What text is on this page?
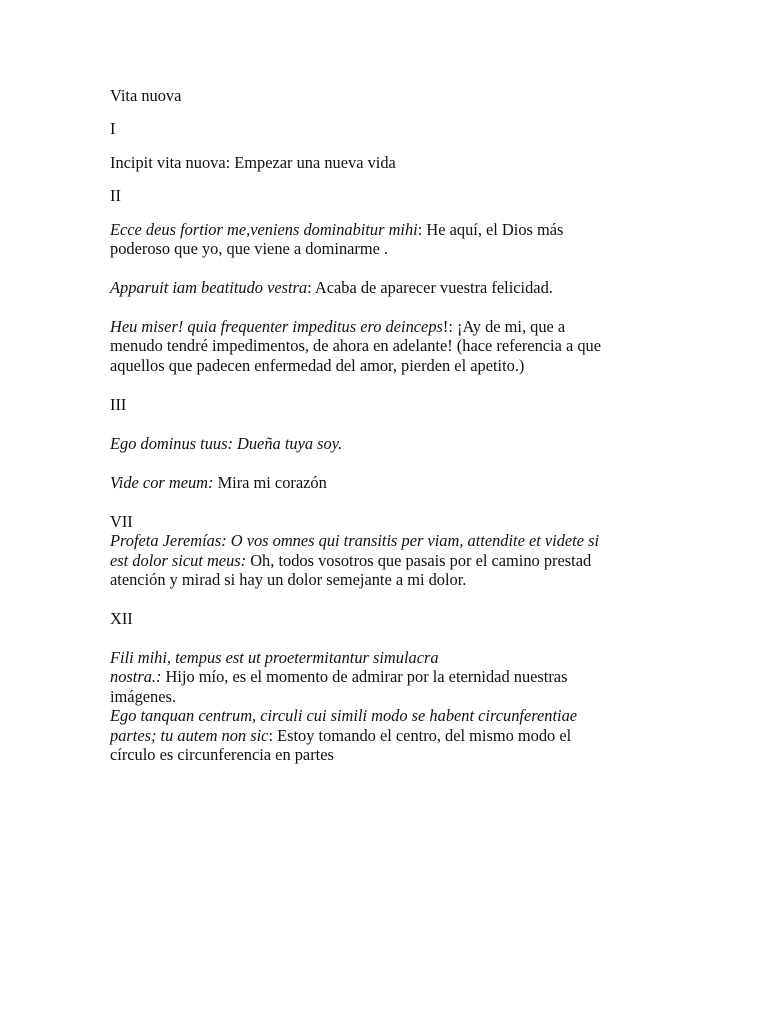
Vita nuova
I
Incipit vita nuova: Empezar una nueva vida
II
Ecce deus fortior me,veniens dominabitur mihi: He aquí, el Dios más
poderoso que yo, que viene a dominarme .
Apparuit iam beatitudo vestra: Acaba de aparecer vuestra felicidad.
Heu miser! quia frequenter impeditus ero deinceps!: ¡Ay de mi, que a
menudo tendré impedimentos, de ahora en adelante! (hace referencia a que
aquellos que padecen enfermedad del amor, pierden el apetito.)
III
Ego dominus tuus: Dueña tuya soy.
Vide cor meum: Mira mi corazón
VII
Profeta Jeremías: O vos omnes qui transitis per viam, attendite et videte si
est dolor sicut meus: Oh, todos vosotros que pasais por el camino prestad
atención y mirad si hay un dolor semejante a mi dolor.
XII
Fili mihi, tempus est ut proetermitantur simulacra
nostra.: Hijo mío, es el momento de admirar por la eternidad nuestras
imágenes.
Ego tanquan centrum, circuli cui simili modo se habent circunferentiae
partes; tu autem non sic: Estoy tomando el centro, del mismo modo el
círculo es circunferencia en partes
